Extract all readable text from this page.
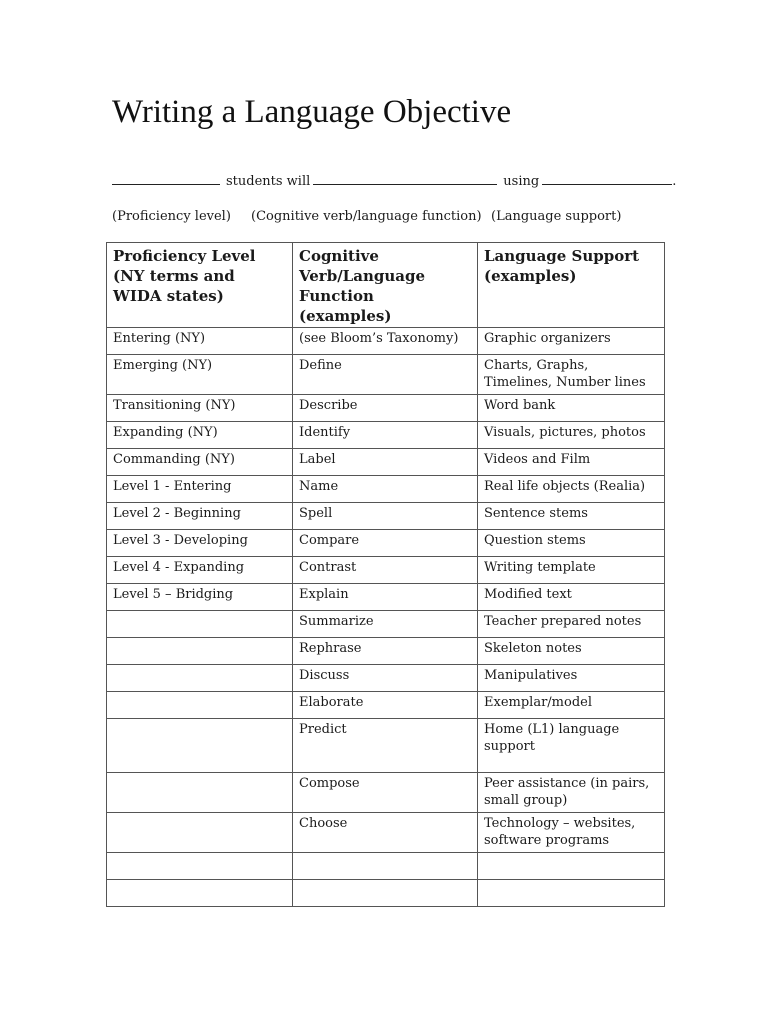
Writing a Language Objective
students will	using	.
(Proficiency level) (Cognitive verb/language function) (Language support)
Proficiency Level (NY terms and WIDA states)	Cognitive Verb/Language Function (examples)	Language Support (examples)
Entering (NY)	(see Bloom’s Taxonomy)	Graphic organizers
Emerging (NY)	Define	Charts, Graphs, Timelines, Number lines
Transitioning (NY)	Describe	Word bank
Expanding (NY)	Identify	Visuals, pictures, photos
Commanding (NY)	Label	Videos and Film
Level 1 - Entering	Name	Real life objects (Realia)
Level 2 - Beginning	Spell	Sentence stems
Level 3 - Developing	Compare	Question stems
Level 4 - Expanding	Contrast	Writing template
Level 5 – Bridging	Explain	Modified text
	Summarize	Teacher prepared notes
	Rephrase	Skeleton notes
	Discuss	Manipulatives
	Elaborate	Exemplar/model
	Predict	Home (L1) language support
	Compose	Peer assistance (in pairs, small group)
	Choose	Technology – websites, software programs
